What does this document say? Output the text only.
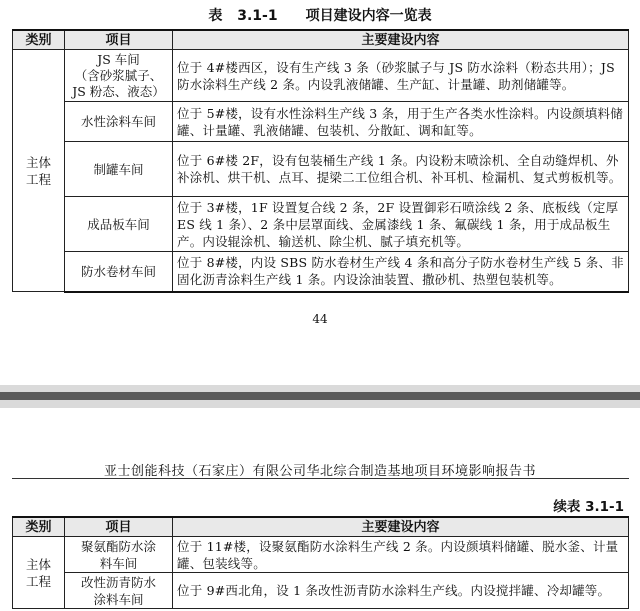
表 3.1-1 项目建设内容一览表
类别	项目	主要建设内容
主体
工程	JS 车间
（含砂浆腻子、
JS 粉态、液态）	位于 4#楼西区，设有生产线 3 条（砂浆腻子与 JS 防水涂料（粉态共用）；JS 防水涂料生产线 2 条。内设乳液储罐、生产缸、计量罐、助剂储罐等。
	水性涂料车间	位于 5#楼，设有水性涂料生产线 3 条，用于生产各类水性涂料。内设颜填料储罐、计量罐、乳液储罐、包装机、分散缸、调和缸等。
	制罐车间	位于 6#楼 2F，设有包装桶生产线 1 条。内设粉末喷涂机、全自动缝焊机、外补涂机、烘干机、点耳、提梁二工位组合机、补耳机、检漏机、复式剪板机等。
	成品板车间	位于 3#楼，1F 设置复合线 2 条，2F 设置御彩石喷涂线 2 条、底板线（定厚 ES 线 1 条）、2 条中层罩面线、金属漆线 1 条、氟碳线 1 条，用于成品板生产。内设辊涂机、输送机、除尘机、腻子填充机等。
	防水卷材车间	位于 8#楼，内设 SBS 防水卷材生产线 4 条和高分子防水卷材生产线 5 条、非固化沥青涂料生产线 1 条。内设涂油装置、撒砂机、热塑包装机等。
44
亚士创能科技（石家庄）有限公司华北综合制造基地项目环境影响报告书
续表 3.1-1
类别	项目	主要建设内容
主体
工程	聚氨酯防水涂
料车间	位于 11#楼，设聚氨酯防水涂料生产线 2 条。内设颜填料储罐、脱水釜、计量罐、包装线等。
	改性沥青防水
涂料车间	位于 9#西北角，设 1 条改性沥青防水涂料生产线。内设搅拌罐、冷却罐等。
